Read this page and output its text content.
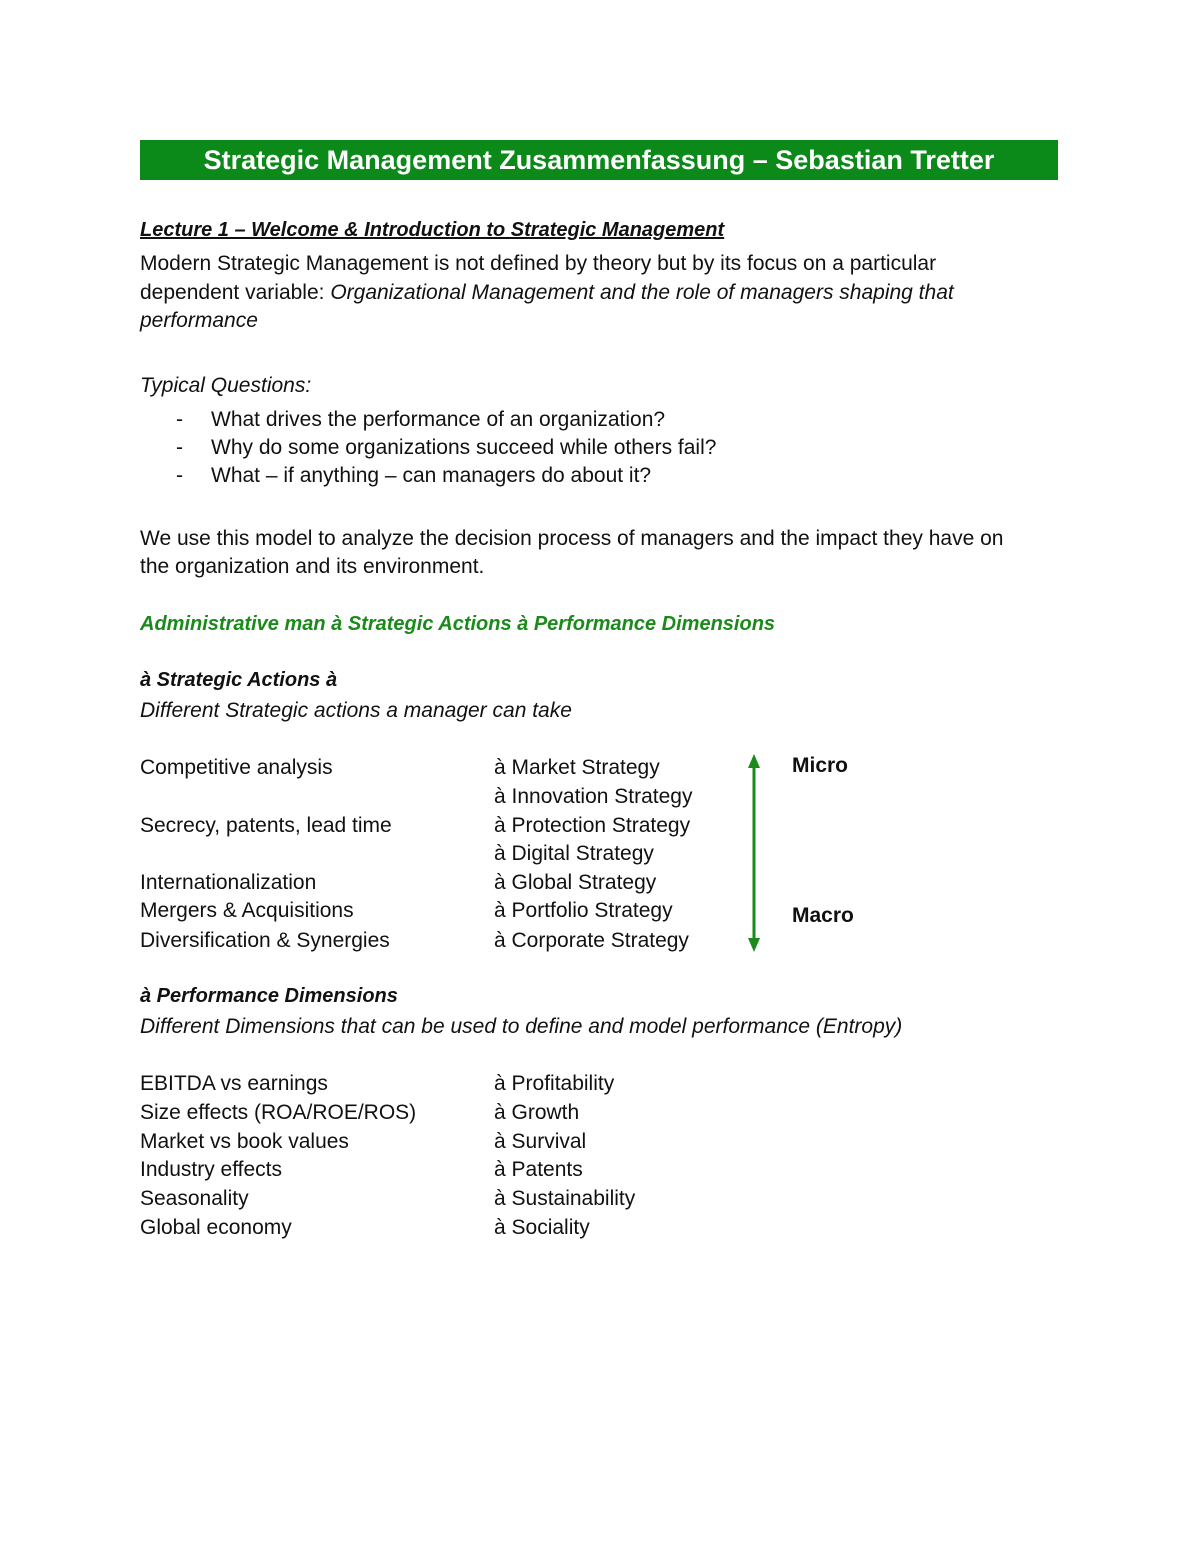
Strategic Management Zusammenfassung – Sebastian Tretter
Lecture 1 – Welcome & Introduction to Strategic Management
Modern Strategic Management is not defined by theory but by its focus on a particular
dependent variable: Organizational Management and the role of managers shaping that
performance
Typical Questions:
- What drives the performance of an organization?
- Why do some organizations succeed while others fail?
- What – if anything – can managers do about it?
We use this model to analyze the decision process of managers and the impact they have on
the organization and its environment.
Administrative man à Strategic Actions à Performance Dimensions
à Strategic Actions à
Different Strategic actions a manager can take
Competitive analysis	à Market Strategy
à Innovation Strategy
Secrecy, patents, lead time	à Protection Strategy
à Digital Strategy
Internationalization	à Global Strategy
Mergers & Acquisitions	à Portfolio Strategy
Diversification & Synergies	à Corporate Strategy
Micro
Macro
à Performance Dimensions
Different Dimensions that can be used to define and model performance (Entropy)
EBITDA vs earnings	à Profitability
Size effects (ROA/ROE/ROS)	à Growth
Market vs book values	à Survival
Industry effects	à Patents
Seasonality	à Sustainability
Global economy	à Sociality
